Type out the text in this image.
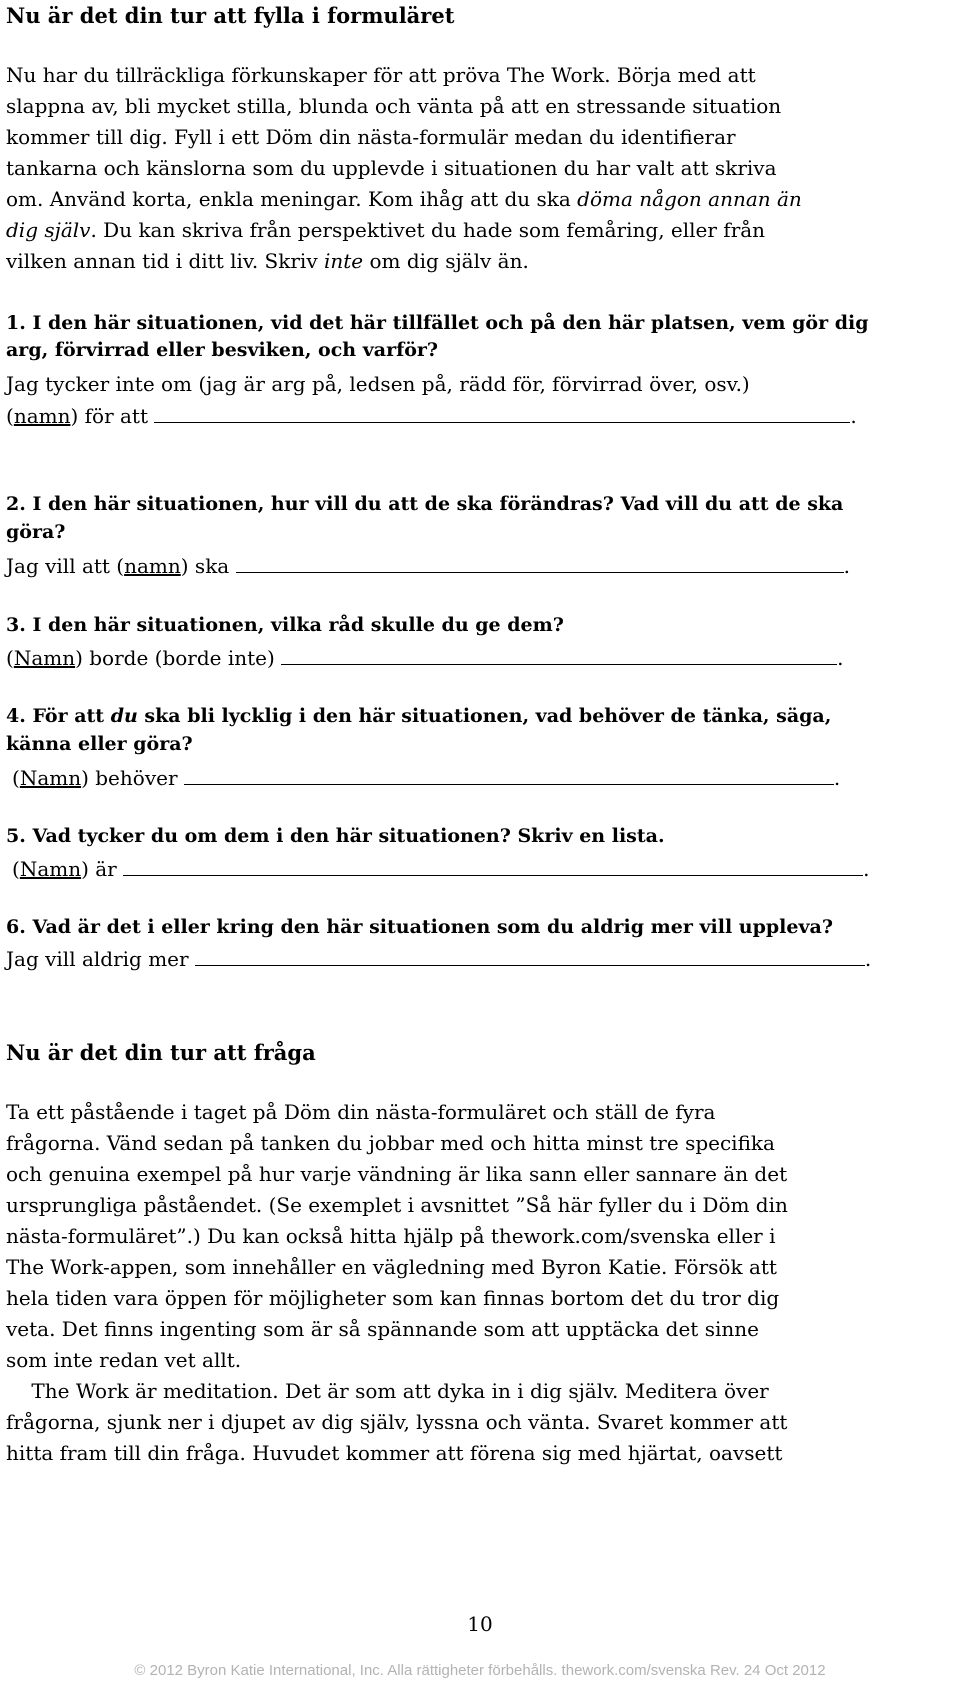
Nu är det din tur att fylla i formuläret
Nu har du tillräckliga förkunskaper för att pröva The Work. Börja med att
slappna av, bli mycket stilla, blunda och vänta på att en stressande situation
kommer till dig. Fyll i ett Döm din nästa-formulär medan du identifierar
tankarna och känslorna som du upplevde i situationen du har valt att skriva
om. Använd korta, enkla meningar. Kom ihåg att du ska döma någon annan än
dig själv. Du kan skriva från perspektivet du hade som femåring, eller från
vilken annan tid i ditt liv. Skriv inte om dig själv än.
1. I den här situationen, vid det här tillfället och på den här platsen, vem gör dig
arg, förvirrad eller besviken, och varför?
Jag tycker inte om (jag är arg på, ledsen på, rädd för, förvirrad över, osv.)
(namn) för att	.
2. I den här situationen, hur vill du att de ska förändras? Vad vill du att de ska
göra?
Jag vill att (namn) ska	.
3. I den här situationen, vilka råd skulle du ge dem?
(Namn) borde (borde inte)	.
4. För att du ska bli lycklig i den här situationen, vad behöver de tänka, säga,
känna eller göra?
(Namn) behöver	.
5. Vad tycker du om dem i den här situationen? Skriv en lista.
(Namn) är	.
6. Vad är det i eller kring den här situationen som du aldrig mer vill uppleva?
Jag vill aldrig mer	.
Nu är det din tur att fråga
Ta ett påstående i taget på Döm din nästa-formuläret och ställ de fyra
frågorna. Vänd sedan på tanken du jobbar med och hitta minst tre specifika
och genuina exempel på hur varje vändning är lika sann eller sannare än det
ursprungliga påståendet. (Se exemplet i avsnittet ”Så här fyller du i Döm din
nästa-formuläret”.) Du kan också hitta hjälp på thework.com/svenska eller i
The Work-appen, som innehåller en vägledning med Byron Katie. Försök att
hela tiden vara öppen för möjligheter som kan finnas bortom det du tror dig
veta. Det finns ingenting som är så spännande som att upptäcka det sinne
som inte redan vet allt.
The Work är meditation. Det är som att dyka in i dig själv. Meditera över
frågorna, sjunk ner i djupet av dig själv, lyssna och vänta. Svaret kommer att
hitta fram till din fråga. Huvudet kommer att förena sig med hjärtat, oavsett
10
© 2012 Byron Katie International, Inc. Alla rättigheter förbehålls. thework.com/svenska Rev. 24 Oct 2012
